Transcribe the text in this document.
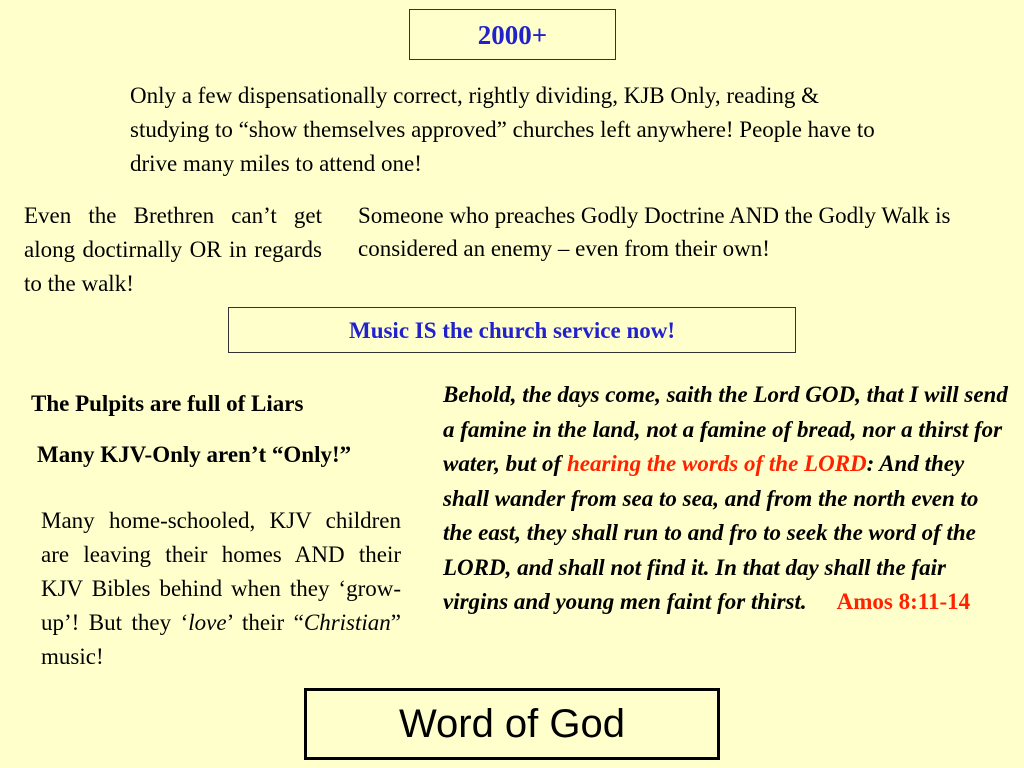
2000+
Only a few dispensationally correct, rightly dividing, KJB Only, reading & studying to “show themselves approved” churches left anywhere! People have to drive many miles to attend one!
Even the Brethren can’t get along doctirnally OR in regards to the walk!
Someone who preaches Godly Doctrine AND the Godly Walk is considered an enemy – even from their own!
Music IS the church service now!
The Pulpits are full of Liars
Many KJV-Only aren’t “Only!”
Many home-schooled, KJV children are leaving their homes AND their KJV Bibles behind when they ‘grow-up’! But they ‘love’ their “Christian” music!
Behold, the days come, saith the Lord GOD, that I will send a famine in the land, not a famine of bread, nor a thirst for water, but of hearing the words of the LORD: And they shall wander from sea to sea, and from the north even to the east, they shall run to and fro to seek the word of the LORD, and shall not find it. In that day shall the fair virgins and young men faint for thirst. Amos 8:11-14
Word of God
